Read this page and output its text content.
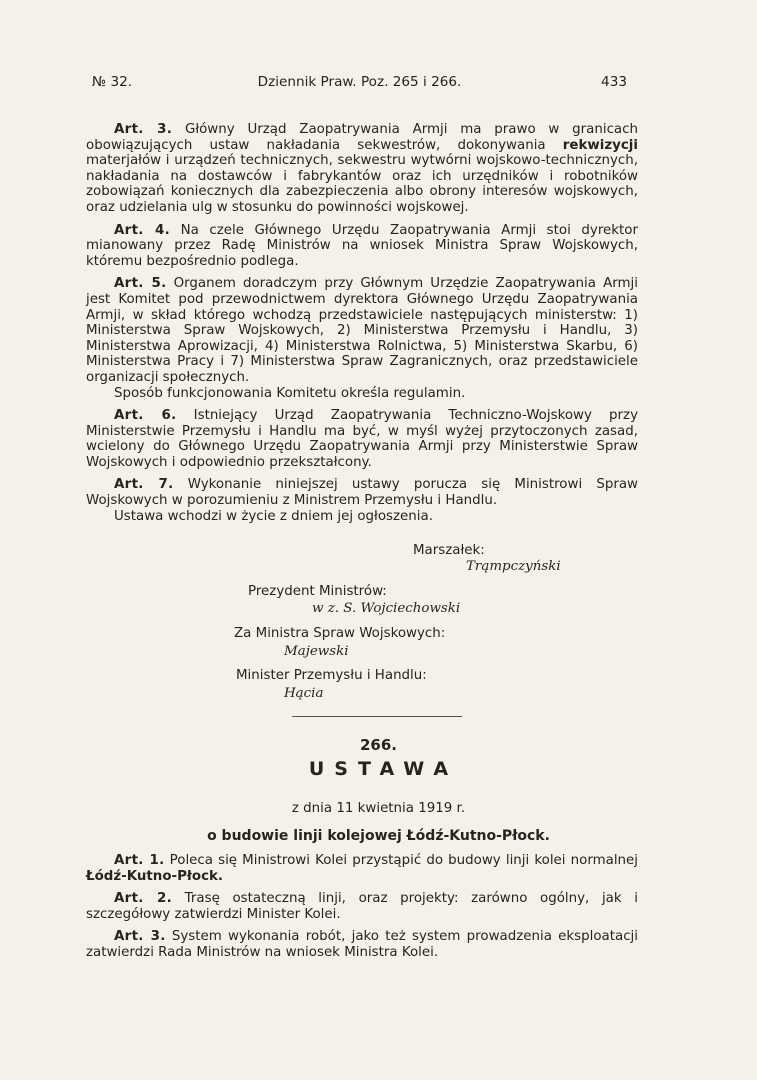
№ 32.	Dziennik Praw. Poz. 265 i 266.	433

Art. 3. Główny Urząd Zaopatrywania Armji ma prawo w granicach obowiązujących ustaw nakładania sekwestrów, dokonywania rekwizycji materjałów i urządzeń technicznych, sekwestru wytwórni wojskowo-technicznych, nakładania na dostawców i fabrykantów oraz ich urzędników i robotników zobowiązań koniecznych dla zabezpieczenia albo obrony interesów wojskowych, oraz udzielania ulg w stosunku do powinności wojskowej.

Art. 4. Na czele Głównego Urzędu Zaopatrywania Armji stoi dyrektor mianowany przez Radę Ministrów na wniosek Ministra Spraw Wojskowych, któremu bezpośrednio podlega.

Art. 5. Organem doradczym przy Głównym Urzędzie Zaopatrywania Armji jest Komitet pod przewodnictwem dyrektora Głównego Urzędu Zaopatrywania Armji, w skład którego wchodzą przedstawiciele następujących ministerstw: 1) Ministerstwa Spraw Wojskowych, 2) Ministerstwa Przemysłu i Handlu, 3) Ministerstwa Aprowizacji, 4) Ministerstwa Rolnictwa, 5) Ministerstwa Skarbu, 6) Ministerstwa Pracy i 7) Ministerstwa Spraw Zagranicznych, oraz przedstawiciele organizacji społecznych.

Sposób funkcjonowania Komitetu określa regulamin.

Art. 6. Istniejący Urząd Zaopatrywania Techniczno-Wojskowy przy Ministerstwie Przemysłu i Handlu ma być, w myśl wyżej przytoczonych zasad, wcielony do Głównego Urzędu Zaopatrywania Armji przy Ministerstwie Spraw Wojskowych i odpowiednio przekształcony.

Art. 7. Wykonanie niniejszej ustawy porucza się Ministrowi Spraw Wojskowych w porozumieniu z Ministrem Przemysłu i Handlu.

Ustawa wchodzi w życie z dniem jej ogłoszenia.

Marszałek:
Trąmpczyński
Prezydent Ministrów:
w z. S. Wojciechowski
Za Ministra Spraw Wojskowych:
Majewski
Minister Przemysłu i Handlu:
Hącia
266.
USTAWA
z dnia 11 kwietnia 1919 r.
o budowie linji kolejowej Łódź-Kutno-Płock.

Art. 1. Poleca się Ministrowi Kolei przystąpić do budowy linji kolei normalnej Łódź-Kutno-Płock.

Art. 2. Trasę ostateczną linji, oraz projekty: zarówno ogólny, jak i szczegółowy zatwierdzi Minister Kolei.

Art. 3. System wykonania robót, jako też system prowadzenia eksploatacji zatwierdzi Rada Ministrów na wniosek Ministra Kolei.
